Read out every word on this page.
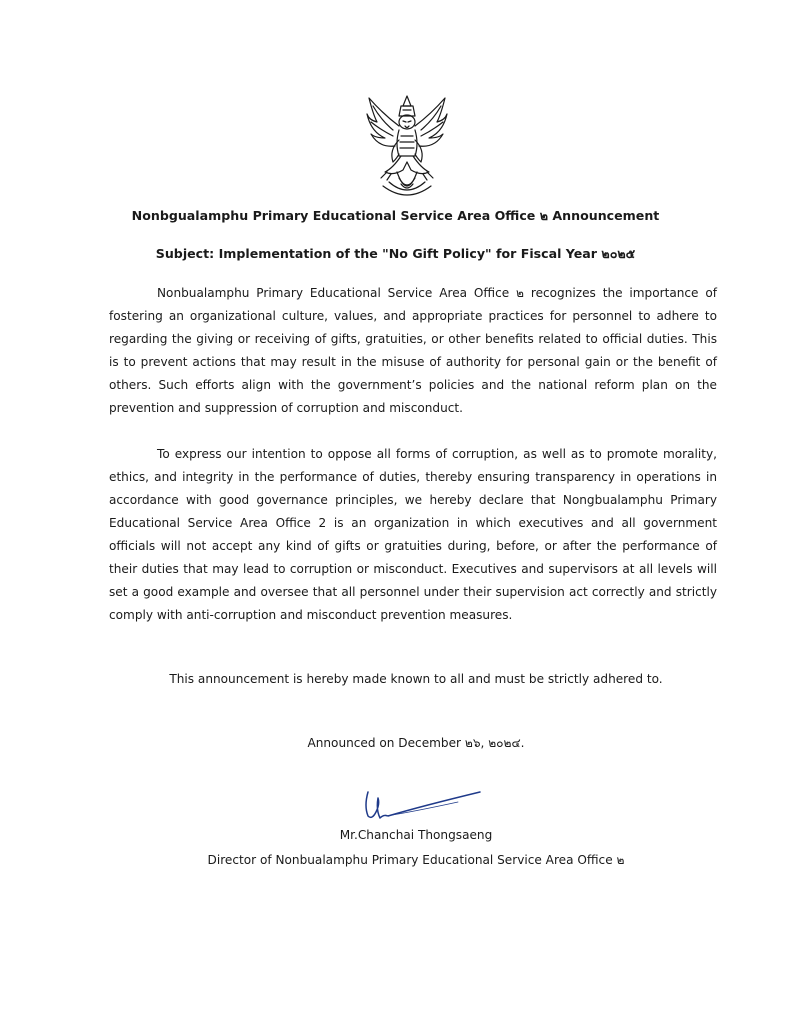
Nonbgualamphu Primary Educational Service Area Office ๒ Announcement
Subject: Implementation of the "No Gift Policy" for Fiscal Year ๒๐๒๕

Nonbualamphu Primary Educational Service Area Office ๒ recognizes the importance of fostering an organizational culture, values, and appropriate practices for personnel to adhere to regarding the giving or receiving of gifts, gratuities, or other benefits related to official duties. This is to prevent actions that may result in the misuse of authority for personal gain or the benefit of others. Such efforts align with the government’s policies and the national reform plan on the prevention and suppression of corruption and misconduct.

To express our intention to oppose all forms of corruption, as well as to promote morality, ethics, and integrity in the performance of duties, thereby ensuring transparency in operations in accordance with good governance principles, we hereby declare that Nongbualamphu Primary Educational Service Area Office 2 is an organization in which executives and all government officials will not accept any kind of gifts or gratuities during, before, or after the performance of their duties that may lead to corruption or misconduct. Executives and supervisors at all levels will set a good example and oversee that all personnel under their supervision act correctly and strictly comply with anti-corruption and misconduct prevention measures.

This announcement is hereby made known to all and must be strictly adhered to.

Announced on December ๒๖, ๒๐๒๔.
Mr.Chanchai Thongsaeng
Director of Nonbualamphu Primary Educational Service Area Office ๒
